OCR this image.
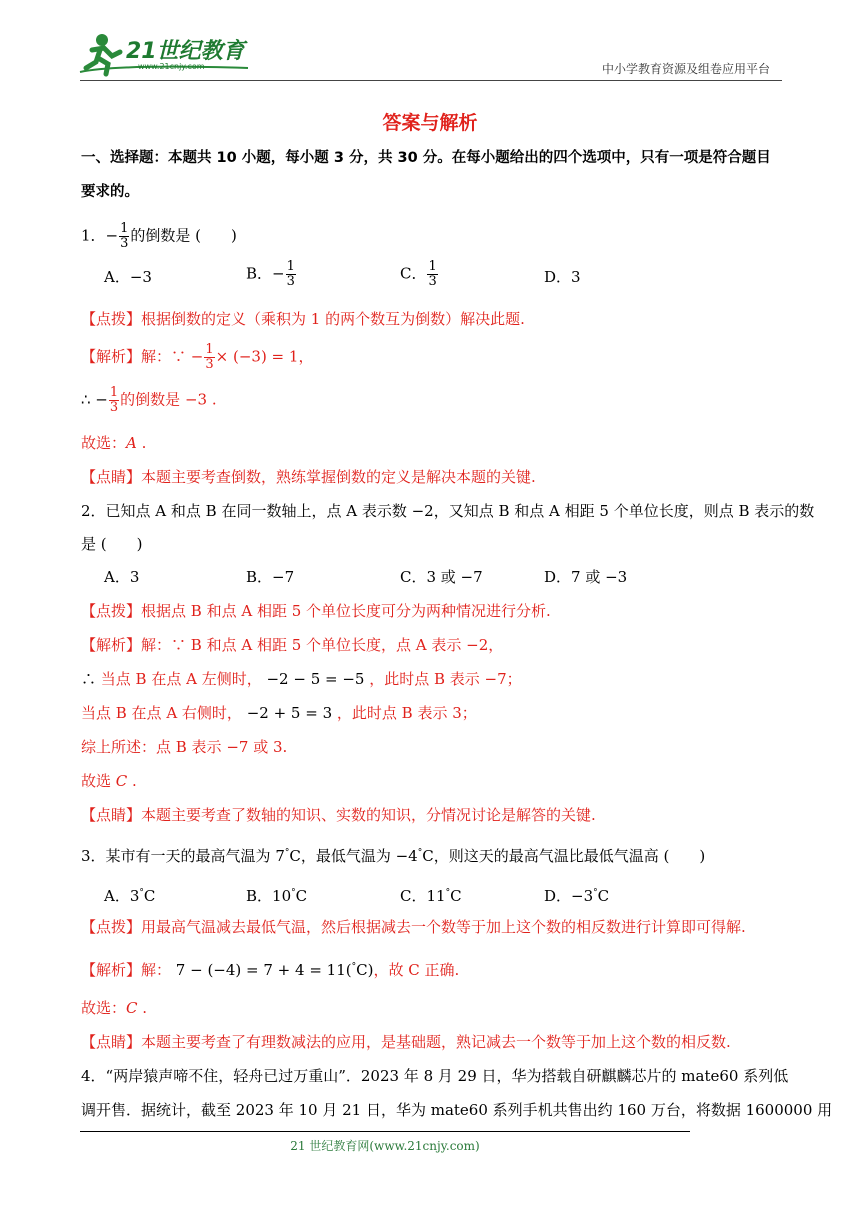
21世纪教育
www.21cnjy.com	中小学教育资源及组卷应用平台
答案与解析
一、选择题：本题共 10 小题，每小题 3 分，共 30 分。在每小题给出的四个选项中，只有一项是符合题目
要求的。
1．− $\frac{1}{3}$ 的倒数是 (　　)
A．−3	B．− $\frac{1}{3}$	C． $\frac{1}{3}$	D．3
【点拨】根据倒数的定义（乘积为 1 的两个数互为倒数）解决此题.
【解析】解：∵ − $\frac{1}{3} \times (-3) = 1$，
∴ − $\frac{1}{3}$ 的倒数是 −3 .
故选：A .
【点睛】本题主要考查倒数，熟练掌握倒数的定义是解决本题的关键.
2．已知点 A 和点 B 在同一数轴上，点 A 表示数 −2，又知点 B 和点 A 相距 5 个单位长度，则点 B 表示的数
是 (　　)
A．3	B．−7	C．3 或 −7	D．7 或 −3
【点拨】根据点 B 和点 A 相距 5 个单位长度可分为两种情况进行分析.
【解析】解：∵ B 和点 A 相距 5 个单位长度，点 A 表示 −2，
∴ 当点 B 在点 A 左侧时， −2 − 5 = −5 ，此时点 B 表示 −7；
当点 B 在点 A 右侧时， −2 + 5 = 3 ，此时点 B 表示 3；
综上所述：点 B 表示 −7 或 3.
故选 C .
【点睛】本题主要考查了数轴的知识、实数的知识，分情况讨论是解答的关键.
3．某市有一天的最高气温为 7°C，最低气温为 −4°C，则这天的最高气温比最低气温高 (　　)
A．3°C	B．10°C	C．11°C	D．−3°C
【点拨】用最高气温减去最低气温，然后根据减去一个数等于加上这个数的相反数进行计算即可得解.
【解析】解： 7 − (−4) = 7 + 4 = 11(°C)，故 C 正确.
故选：C .
【点睛】本题主要考查了有理数减法的应用，是基础题，熟记减去一个数等于加上这个数的相反数.
4．“两岸猿声啼不住，轻舟已过万重山”．2023 年 8 月 29 日，华为搭载自研麒麟芯片的 mate60 系列低
调开售．据统计，截至 2023 年 10 月 21 日，华为 mate60 系列手机共售出约 160 万台，将数据 1600000 用
21 世纪教育网(www.21cnjy.com)
